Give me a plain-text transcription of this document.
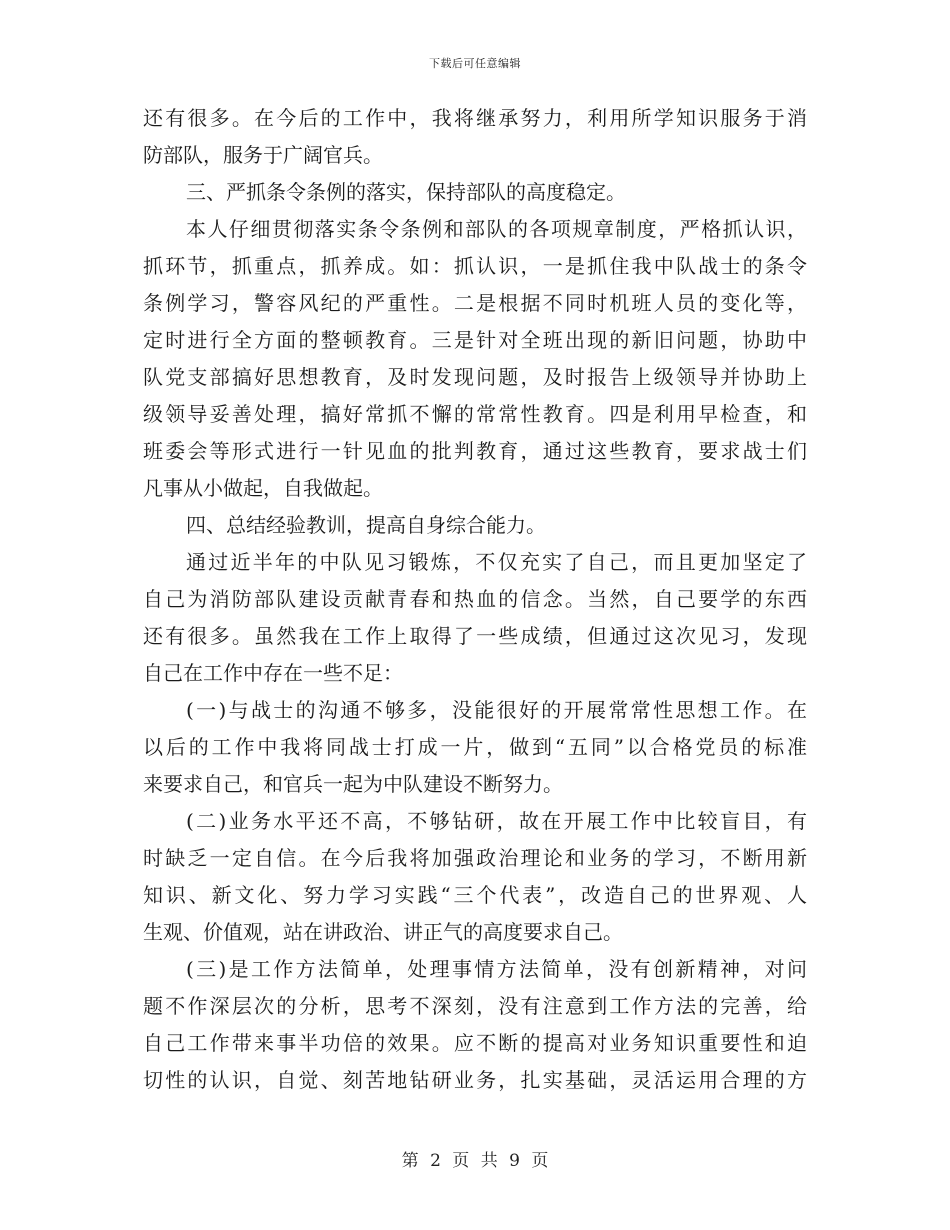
下载后可任意编辑
还有很多。在今后的工作中，我将继承努力，利用所学知识服务于消
防部队，服务于广阔官兵。
三、严抓条令条例的落实，保持部队的高度稳定。
本人仔细贯彻落实条令条例和部队的各项规章制度，严格抓认识，
抓环节，抓重点，抓养成。如：抓认识，一是抓住我中队战士的条令
条例学习，警容风纪的严重性。二是根据不同时机班人员的变化等，
定时进行全方面的整顿教育。三是针对全班出现的新旧问题，协助中
队党支部搞好思想教育，及时发现问题，及时报告上级领导并协助上
级领导妥善处理，搞好常抓不懈的常常性教育。四是利用早检查，和
班委会等形式进行一针见血的批判教育，通过这些教育，要求战士们
凡事从小做起，自我做起。
四、总结经验教训，提高自身综合能力。
通过近半年的中队见习锻炼，不仅充实了自己，而且更加坚定了
自己为消防部队建设贡献青春和热血的信念。当然，自己要学的东西
还有很多。虽然我在工作上取得了一些成绩，但通过这次见习，发现
自己在工作中存在一些不足：
(一)与战士的沟通不够多，没能很好的开展常常性思想工作。在
以后的工作中我将同战士打成一片，做到“五同”以合格党员的标准
来要求自己，和官兵一起为中队建设不断努力。
(二)业务水平还不高，不够钻研，故在开展工作中比较盲目，有
时缺乏一定自信。在今后我将加强政治理论和业务的学习，不断用新
知识、新文化、努力学习实践“三个代表”，改造自己的世界观、人
生观、价值观，站在讲政治、讲正气的高度要求自己。
(三)是工作方法简单，处理事情方法简单，没有创新精神，对问
题不作深层次的分析，思考不深刻，没有注意到工作方法的完善，给
自己工作带来事半功倍的效果。应不断的提高对业务知识重要性和迫
切性的认识，自觉、刻苦地钻研业务，扎实基础，灵活运用合理的方
第 2 页 共 9 页
